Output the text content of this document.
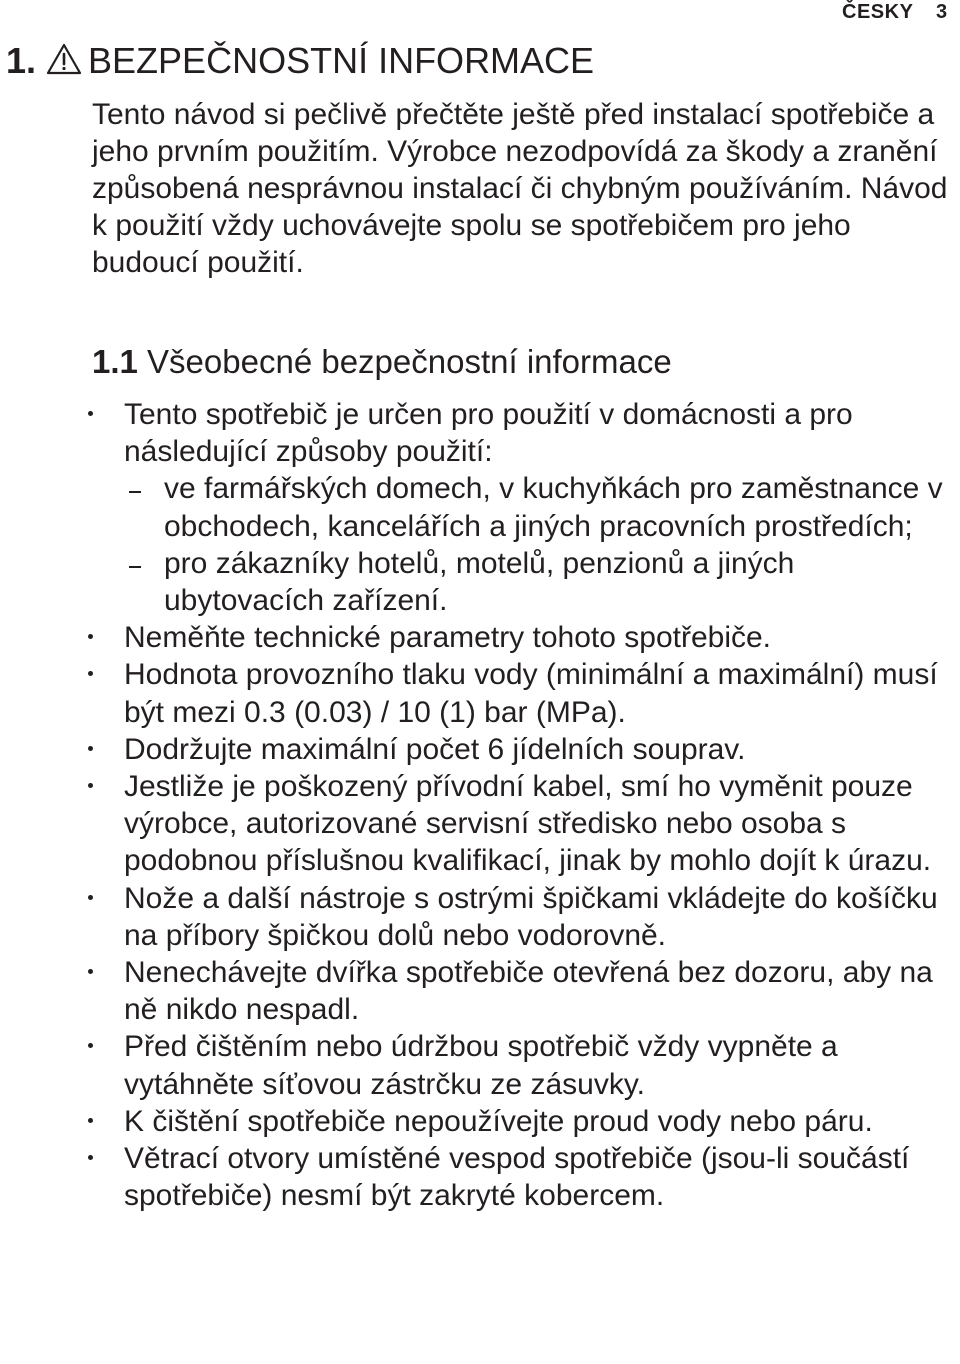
ČESKY 3
1. BEZPEČNOSTNÍ INFORMACE

Tento návod si pečlivě přečtěte ještě před instalací spotřebiče a jeho prvním použitím. Výrobce nezodpovídá za škody a zranění způsobená nesprávnou instalací či chybným používáním. Návod k použití vždy uchovávejte spolu se spotřebičem pro jeho budoucí použití.

1.1 Všeobecné bezpečnostní informace
Tento spotřebič je určen pro použití v domácnosti a pro následující způsoby použití:
ve farmářských domech, v kuchyňkách pro zaměstnance v obchodech, kancelářích a jiných pracovních prostředích;
pro zákazníky hotelů, motelů, penzionů a jiných ubytovacích zařízení.
Neměňte technické parametry tohoto spotřebiče.
Hodnota provozního tlaku vody (minimální a maximální) musí být mezi 0.3 (0.03) / 10 (1) bar (MPa).
Dodržujte maximální počet 6 jídelních souprav.
Jestliže je poškozený přívodní kabel, smí ho vyměnit pouze výrobce, autorizované servisní středisko nebo osoba s podobnou příslušnou kvalifikací, jinak by mohlo dojít k úrazu.
Nože a další nástroje s ostrými špičkami vkládejte do košíčku na příbory špičkou dolů nebo vodorovně.
Nenechávejte dvířka spotřebiče otevřená bez dozoru, aby na ně nikdo nespadl.
Před čištěním nebo údržbou spotřebič vždy vypněte a vytáhněte síťovou zástrčku ze zásuvky.
K čištění spotřebiče nepoužívejte proud vody nebo páru.
Větrací otvory umístěné vespod spotřebiče (jsou-li součástí spotřebiče) nesmí být zakryté kobercem.
